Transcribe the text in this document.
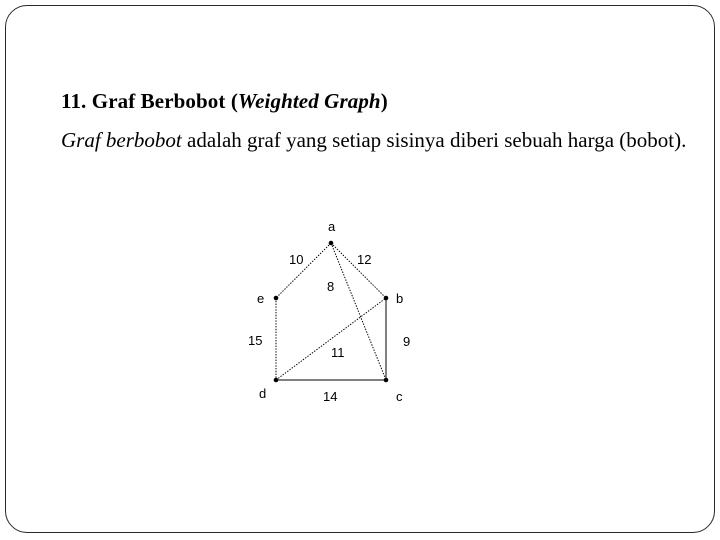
11. Graf Berbobot (Weighted Graph)

Graf berbobot adalah graf yang setiap sisinya diberi sebuah harga (bobot).

a
b
c
d
e
10	12
8
15
11
9
14
